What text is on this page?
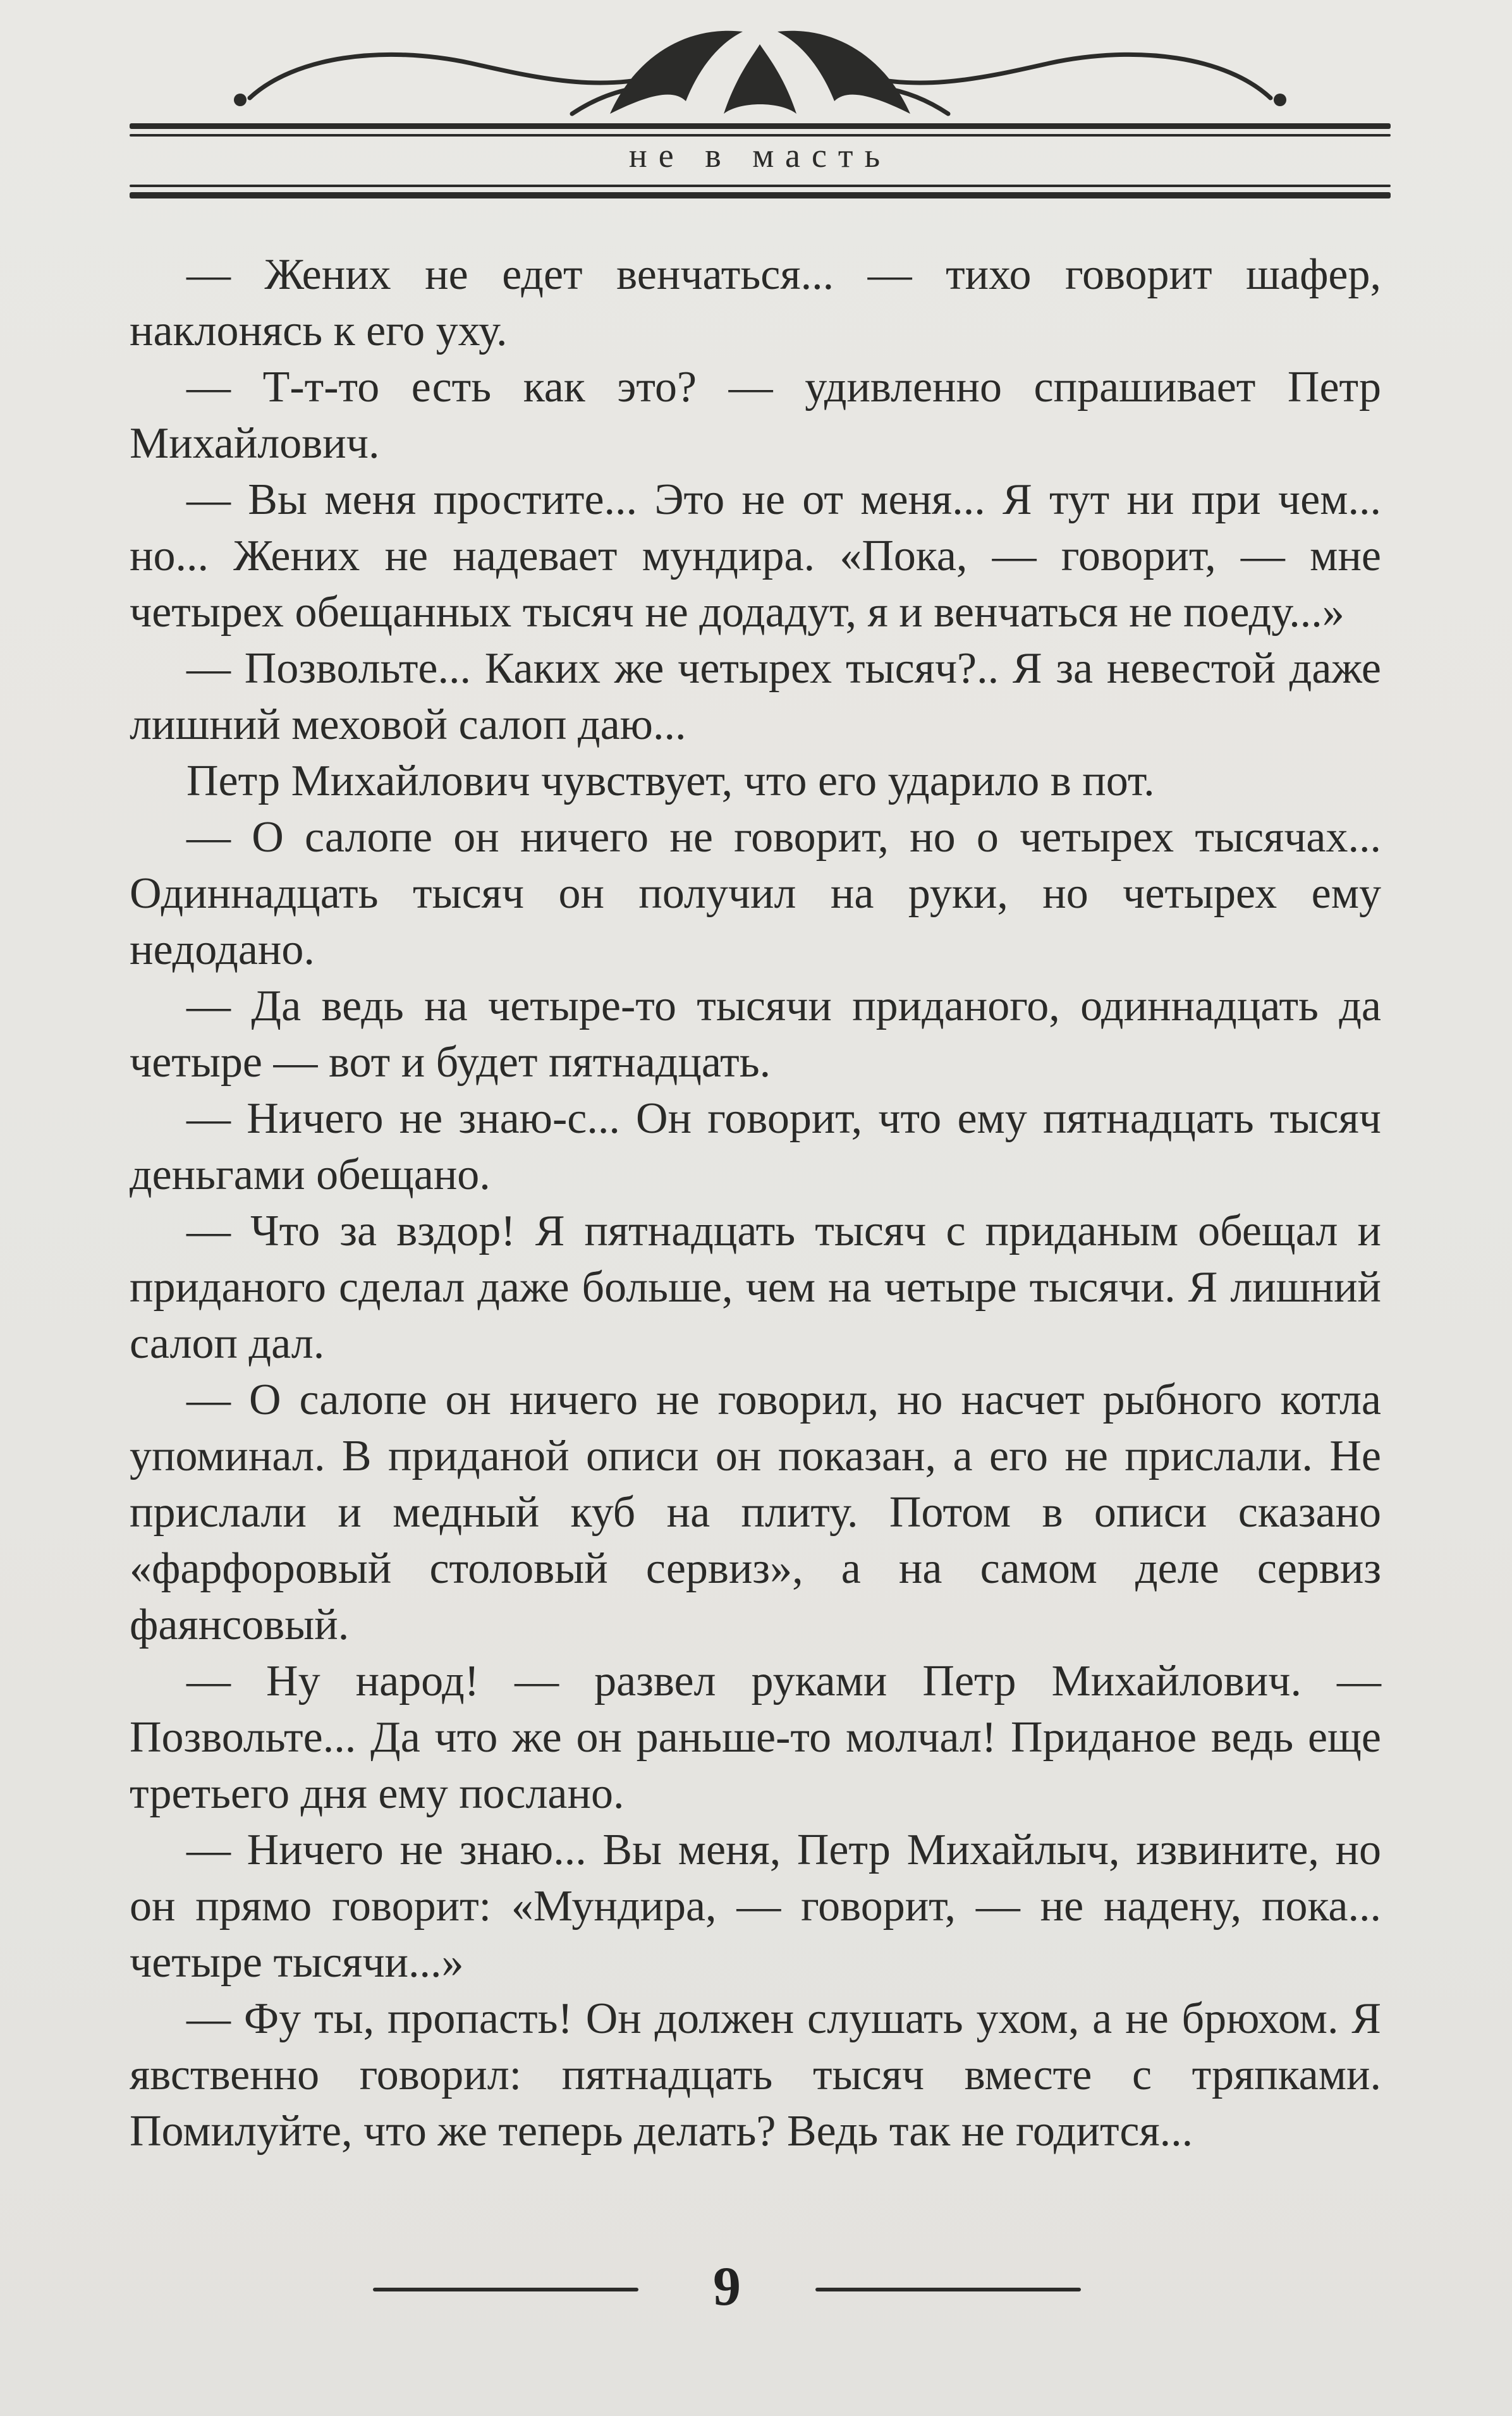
не в масть

— Жених не едет венчаться... — тихо говорит шафер, наклонясь к его уху.

— Т-т-то есть как это? — удивленно спрашивает Петр Михайлович.

— Вы меня простите... Это не от меня... Я тут ни при чем... но... Жених не надевает мундира. «Пока, — говорит, — мне четырех обещанных тысяч не додадут, я и венчаться не поеду...»

— Позвольте... Каких же четырех тысяч?.. Я за невестой даже лишний меховой салоп даю...

Петр Михайлович чувствует, что его ударило в пот.

— О салопе он ничего не говорит, но о четырех тысячах... Одиннадцать тысяч он получил на руки, но четырех ему недодано.

— Да ведь на четыре-то тысячи приданого, одиннадцать да четыре — вот и будет пятнадцать.

— Ничего не знаю-с... Он говорит, что ему пятнадцать тысяч деньгами обещано.

— Что за вздор! Я пятнадцать тысяч с приданым обещал и приданого сделал даже больше, чем на четыре тысячи. Я лишний салоп дал.

— О салопе он ничего не говорил, но насчет рыбного котла упоминал. В приданой описи он показан, а его не прислали. Не прислали и медный куб на плиту. Потом в описи сказано «фарфоровый столовый сервиз», а на самом деле сервиз фаянсовый.

— Ну народ! — развел руками Петр Михайлович. — Позвольте... Да что же он раньше-то молчал! Приданое ведь еще третьего дня ему послано.

— Ничего не знаю... Вы меня, Петр Михайлыч, извините, но он прямо говорит: «Мундира, — говорит, — не надену, пока... четыре тысячи...»

— Фу ты, пропасть! Он должен слушать ухом, а не брюхом. Я явственно говорил: пятнадцать тысяч вместе с тряпками. Помилуйте, что же теперь делать? Ведь так не годится...

9
